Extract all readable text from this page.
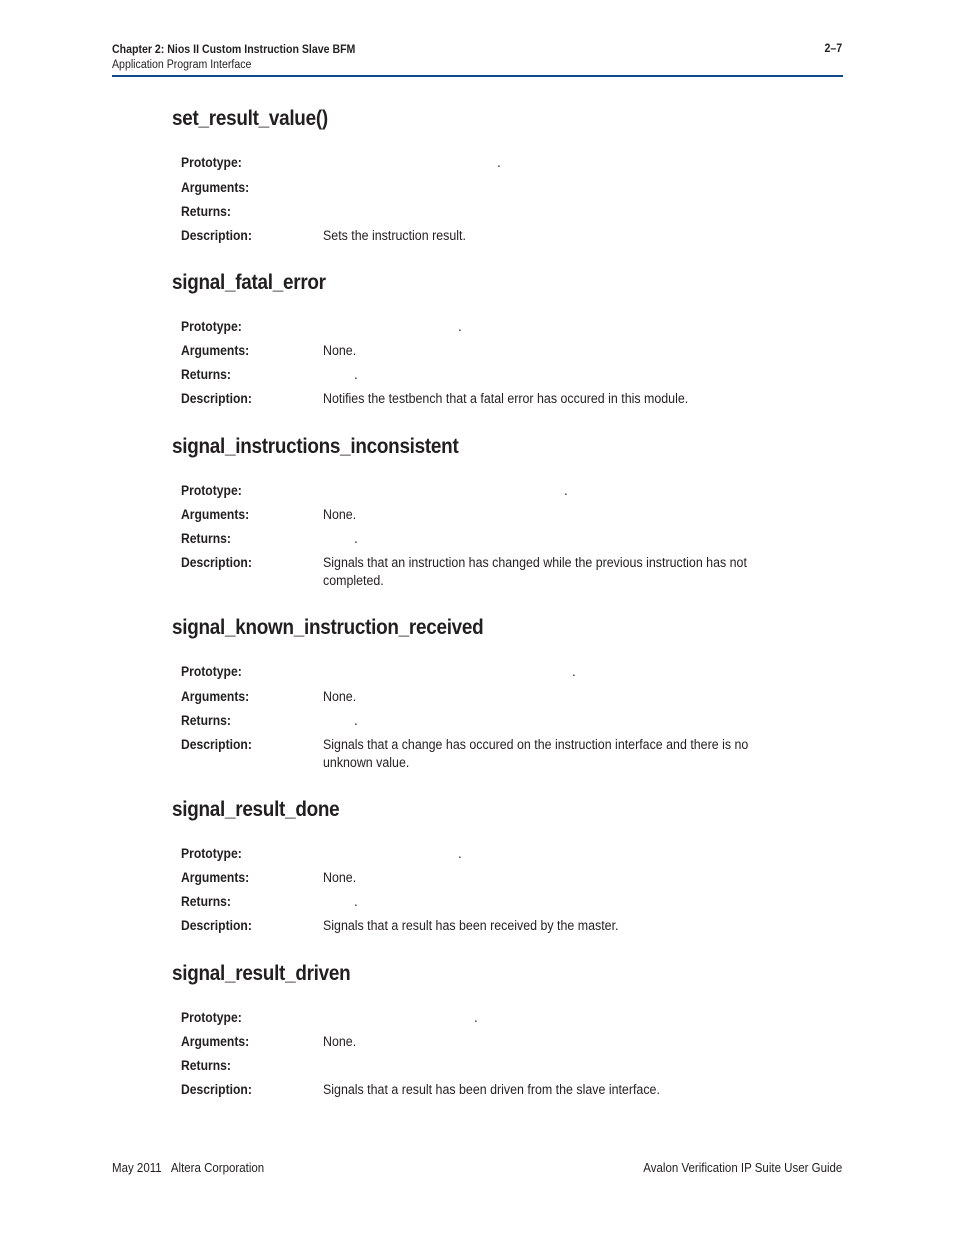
Chapter 2: Nios II Custom Instruction Slave BFM
Application Program Interface
2–7
set_result_value()
Prototype:	.
Arguments:
Returns:
Description:	Sets the instruction result.
signal_fatal_error
Prototype:	.
Arguments:	None.
Returns:	.
Description:	Notifies the testbench that a fatal error has occured in this module.
signal_instructions_inconsistent
Prototype:	.
Arguments:	None.
Returns:	.
Description:	Signals that an instruction has changed while the previous instruction has not completed.
signal_known_instruction_received
Prototype:	.
Arguments:	None.
Returns:	.
Description:	Signals that a change has occured on the instruction interface and there is no unknown value.
signal_result_done
Prototype:	.
Arguments:	None.
Returns:	.
Description:	Signals that a result has been received by the master.
signal_result_driven
Prototype:	.
Arguments:	None.
Returns:
Description:	Signals that a result has been driven from the slave interface.
May 2011 Altera Corporation	Avalon Verification IP Suite User Guide
